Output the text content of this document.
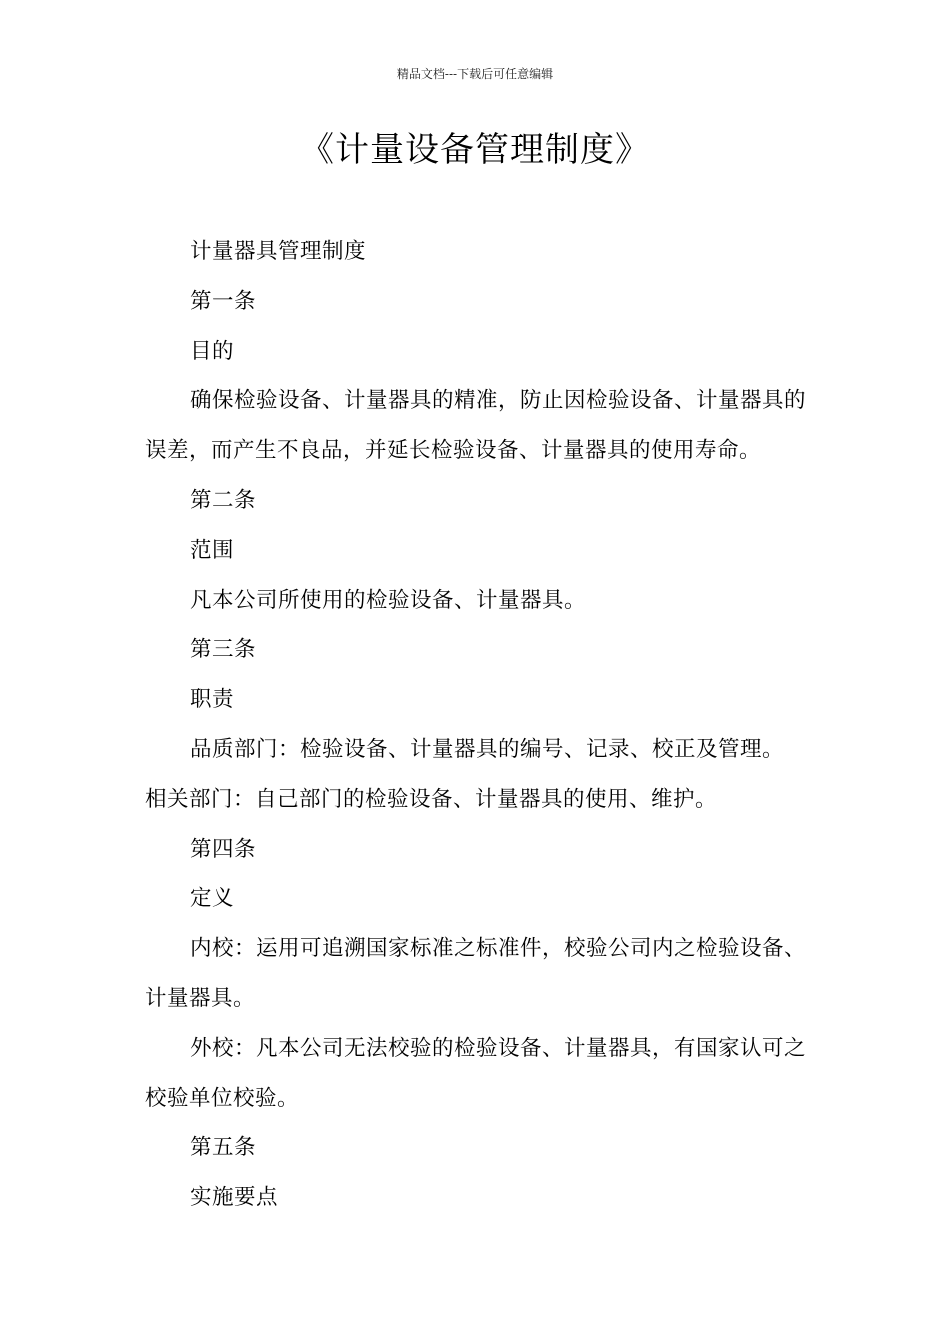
精品文档---下载后可任意编辑
《计量设备管理制度》

计量器具管理制度

第一条

目的

确保检验设备、计量器具的精准，防止因检验设备、计量器具的误差，而产生不良品，并延长检验设备、计量器具的使用寿命。

第二条

范围

凡本公司所使用的检验设备、计量器具。

第三条

职责

品质部门：检验设备、计量器具的编号、记录、校正及管理。

相关部门：自己部门的检验设备、计量器具的使用、维护。

第四条

定义

内校：运用可追溯国家标准之标准件，校验公司内之检验设备、计量器具。

外校：凡本公司无法校验的检验设备、计量器具，有国家认可之校验单位校验。

第五条

实施要点
